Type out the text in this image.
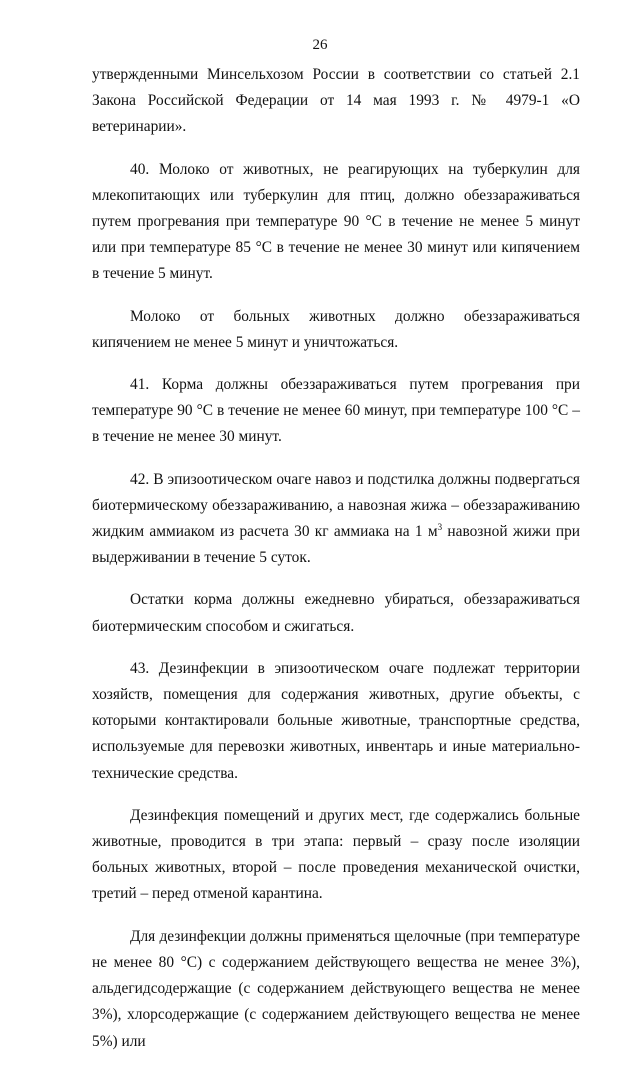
26

утвержденными Минсельхозом России в соответствии со статьей 2.1 Закона Российской Федерации от 14 мая 1993 г. № 4979-1 «О ветеринарии».

40. Молоко от животных, не реагирующих на туберкулин для млекопитающих или туберкулин для птиц, должно обеззараживаться путем прогревания при температуре 90 °С в течение не менее 5 минут или при температуре 85 °С в течение не менее 30 минут или кипячением в течение 5 минут.

Молоко от больных животных должно обеззараживаться кипячением не менее 5 минут и уничтожаться.

41. Корма должны обеззараживаться путем прогревания при температуре 90 °С в течение не менее 60 минут, при температуре 100 °С – в течение не менее 30 минут.

42. В эпизоотическом очаге навоз и подстилка должны подвергаться биотермическому обеззараживанию, а навозная жижа – обеззараживанию жидким аммиаком из расчета 30 кг аммиака на 1 $м^3$ навозной жижи при выдерживании в течение 5 суток.

Остатки корма должны ежедневно убираться, обеззараживаться биотермическим способом и сжигаться.

43. Дезинфекции в эпизоотическом очаге подлежат территории хозяйств, помещения для содержания животных, другие объекты, с которыми контактировали больные животные, транспортные средства, используемые для перевозки животных, инвентарь и иные материально-технические средства.

Дезинфекция помещений и других мест, где содержались больные животные, проводится в три этапа: первый – сразу после изоляции больных животных, второй – после проведения механической очистки, третий – перед отменой карантина.

Для дезинфекции должны применяться щелочные (при температуре не менее 80 °С) с содержанием действующего вещества не менее 3%), альдегидсодержащие (с содержанием действующего вещества не менее 3%), хлорсодержащие (с содержанием действующего вещества не менее 5%) или
